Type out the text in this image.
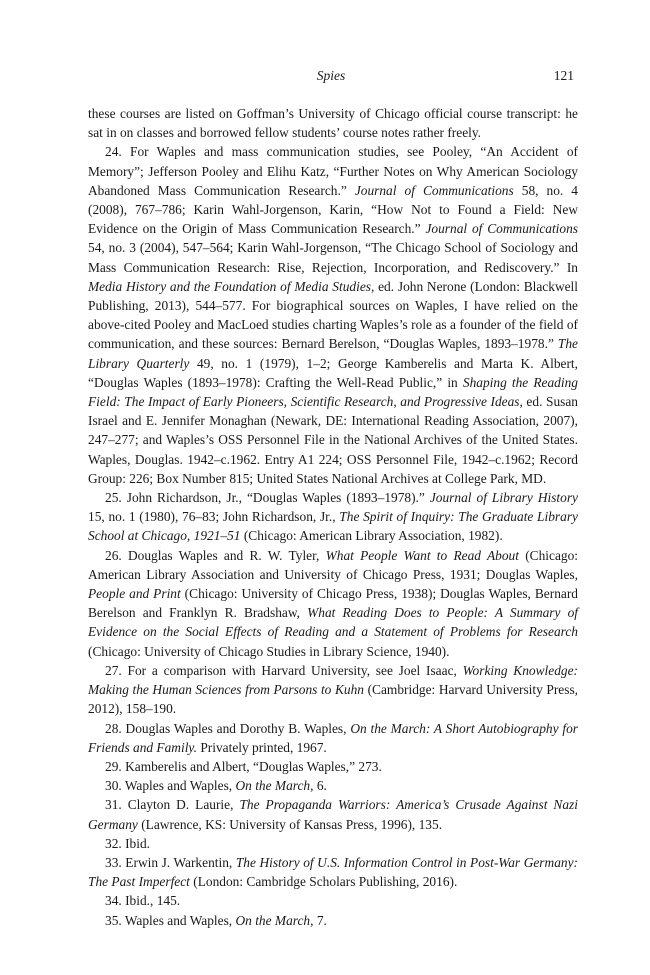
Spies	121

these courses are listed on Goffman’s University of Chicago official course transcript: he sat in on classes and borrowed fellow students’ course notes rather freely.

24. For Waples and mass communication studies, see Pooley, “An Accident of Memory”; Jefferson Pooley and Elihu Katz, “Further Notes on Why American Sociology Abandoned Mass Communication Research.” Journal of Communications 58, no. 4 (2008), 767–786; Karin Wahl-Jorgenson, Karin, “How Not to Found a Field: New Evidence on the Origin of Mass Communication Research.” Journal of Communications 54, no. 3 (2004), 547–564; Karin Wahl-Jorgenson, “The Chicago School of Sociology and Mass Communication Research: Rise, Rejection, Incorporation, and Rediscovery.” In Media History and the Foundation of Media Studies, ed. John Nerone (London: Blackwell Publishing, 2013), 544–577. For biographical sources on Waples, I have relied on the above-cited Pooley and MacLoed studies charting Waples’s role as a founder of the field of communication, and these sources: Bernard Berelson, “Douglas Waples, 1893–1978.” The Library Quarterly 49, no. 1 (1979), 1–2; George Kamberelis and Marta K. Albert, “Douglas Waples (1893–1978): Crafting the Well-Read Public,” in Shaping the Reading Field: The Impact of Early Pioneers, Scientific Research, and Progressive Ideas, ed. Susan Israel and E. Jennifer Monaghan (Newark, DE: International Reading Association, 2007), 247–277; and Waples’s OSS Personnel File in the National Archives of the United States. Waples, Douglas. 1942–c.1962. Entry A1 224; OSS Personnel File, 1942–c.1962; Record Group: 226; Box Number 815; United States National Archives at College Park, MD.

25. John Richardson, Jr., “Douglas Waples (1893–1978).” Journal of Library History 15, no. 1 (1980), 76–83; John Richardson, Jr., The Spirit of Inquiry: The Graduate Library School at Chicago, 1921–51 (Chicago: American Library Association, 1982).

26. Douglas Waples and R. W. Tyler, What People Want to Read About (Chicago: American Library Association and University of Chicago Press, 1931; Douglas Waples, People and Print (Chicago: University of Chicago Press, 1938); Douglas Waples, Bernard Berelson and Franklyn R. Bradshaw, What Reading Does to People: A Summary of Evidence on the Social Effects of Reading and a Statement of Problems for Research (Chicago: University of Chicago Studies in Library Science, 1940).

27. For a comparison with Harvard University, see Joel Isaac, Working Knowledge: Making the Human Sciences from Parsons to Kuhn (Cambridge: Harvard University Press, 2012), 158–190.

28. Douglas Waples and Dorothy B. Waples, On the March: A Short Autobiography for Friends and Family. Privately printed, 1967.

29. Kamberelis and Albert, “Douglas Waples,” 273.

30. Waples and Waples, On the March, 6.

31. Clayton D. Laurie, The Propaganda Warriors: America’s Crusade Against Nazi Germany (Lawrence, KS: University of Kansas Press, 1996), 135.

32. Ibid.

33. Erwin J. Warkentin, The History of U.S. Information Control in Post-War Germany: The Past Imperfect (London: Cambridge Scholars Publishing, 2016).

34. Ibid., 145.

35. Waples and Waples, On the March, 7.
